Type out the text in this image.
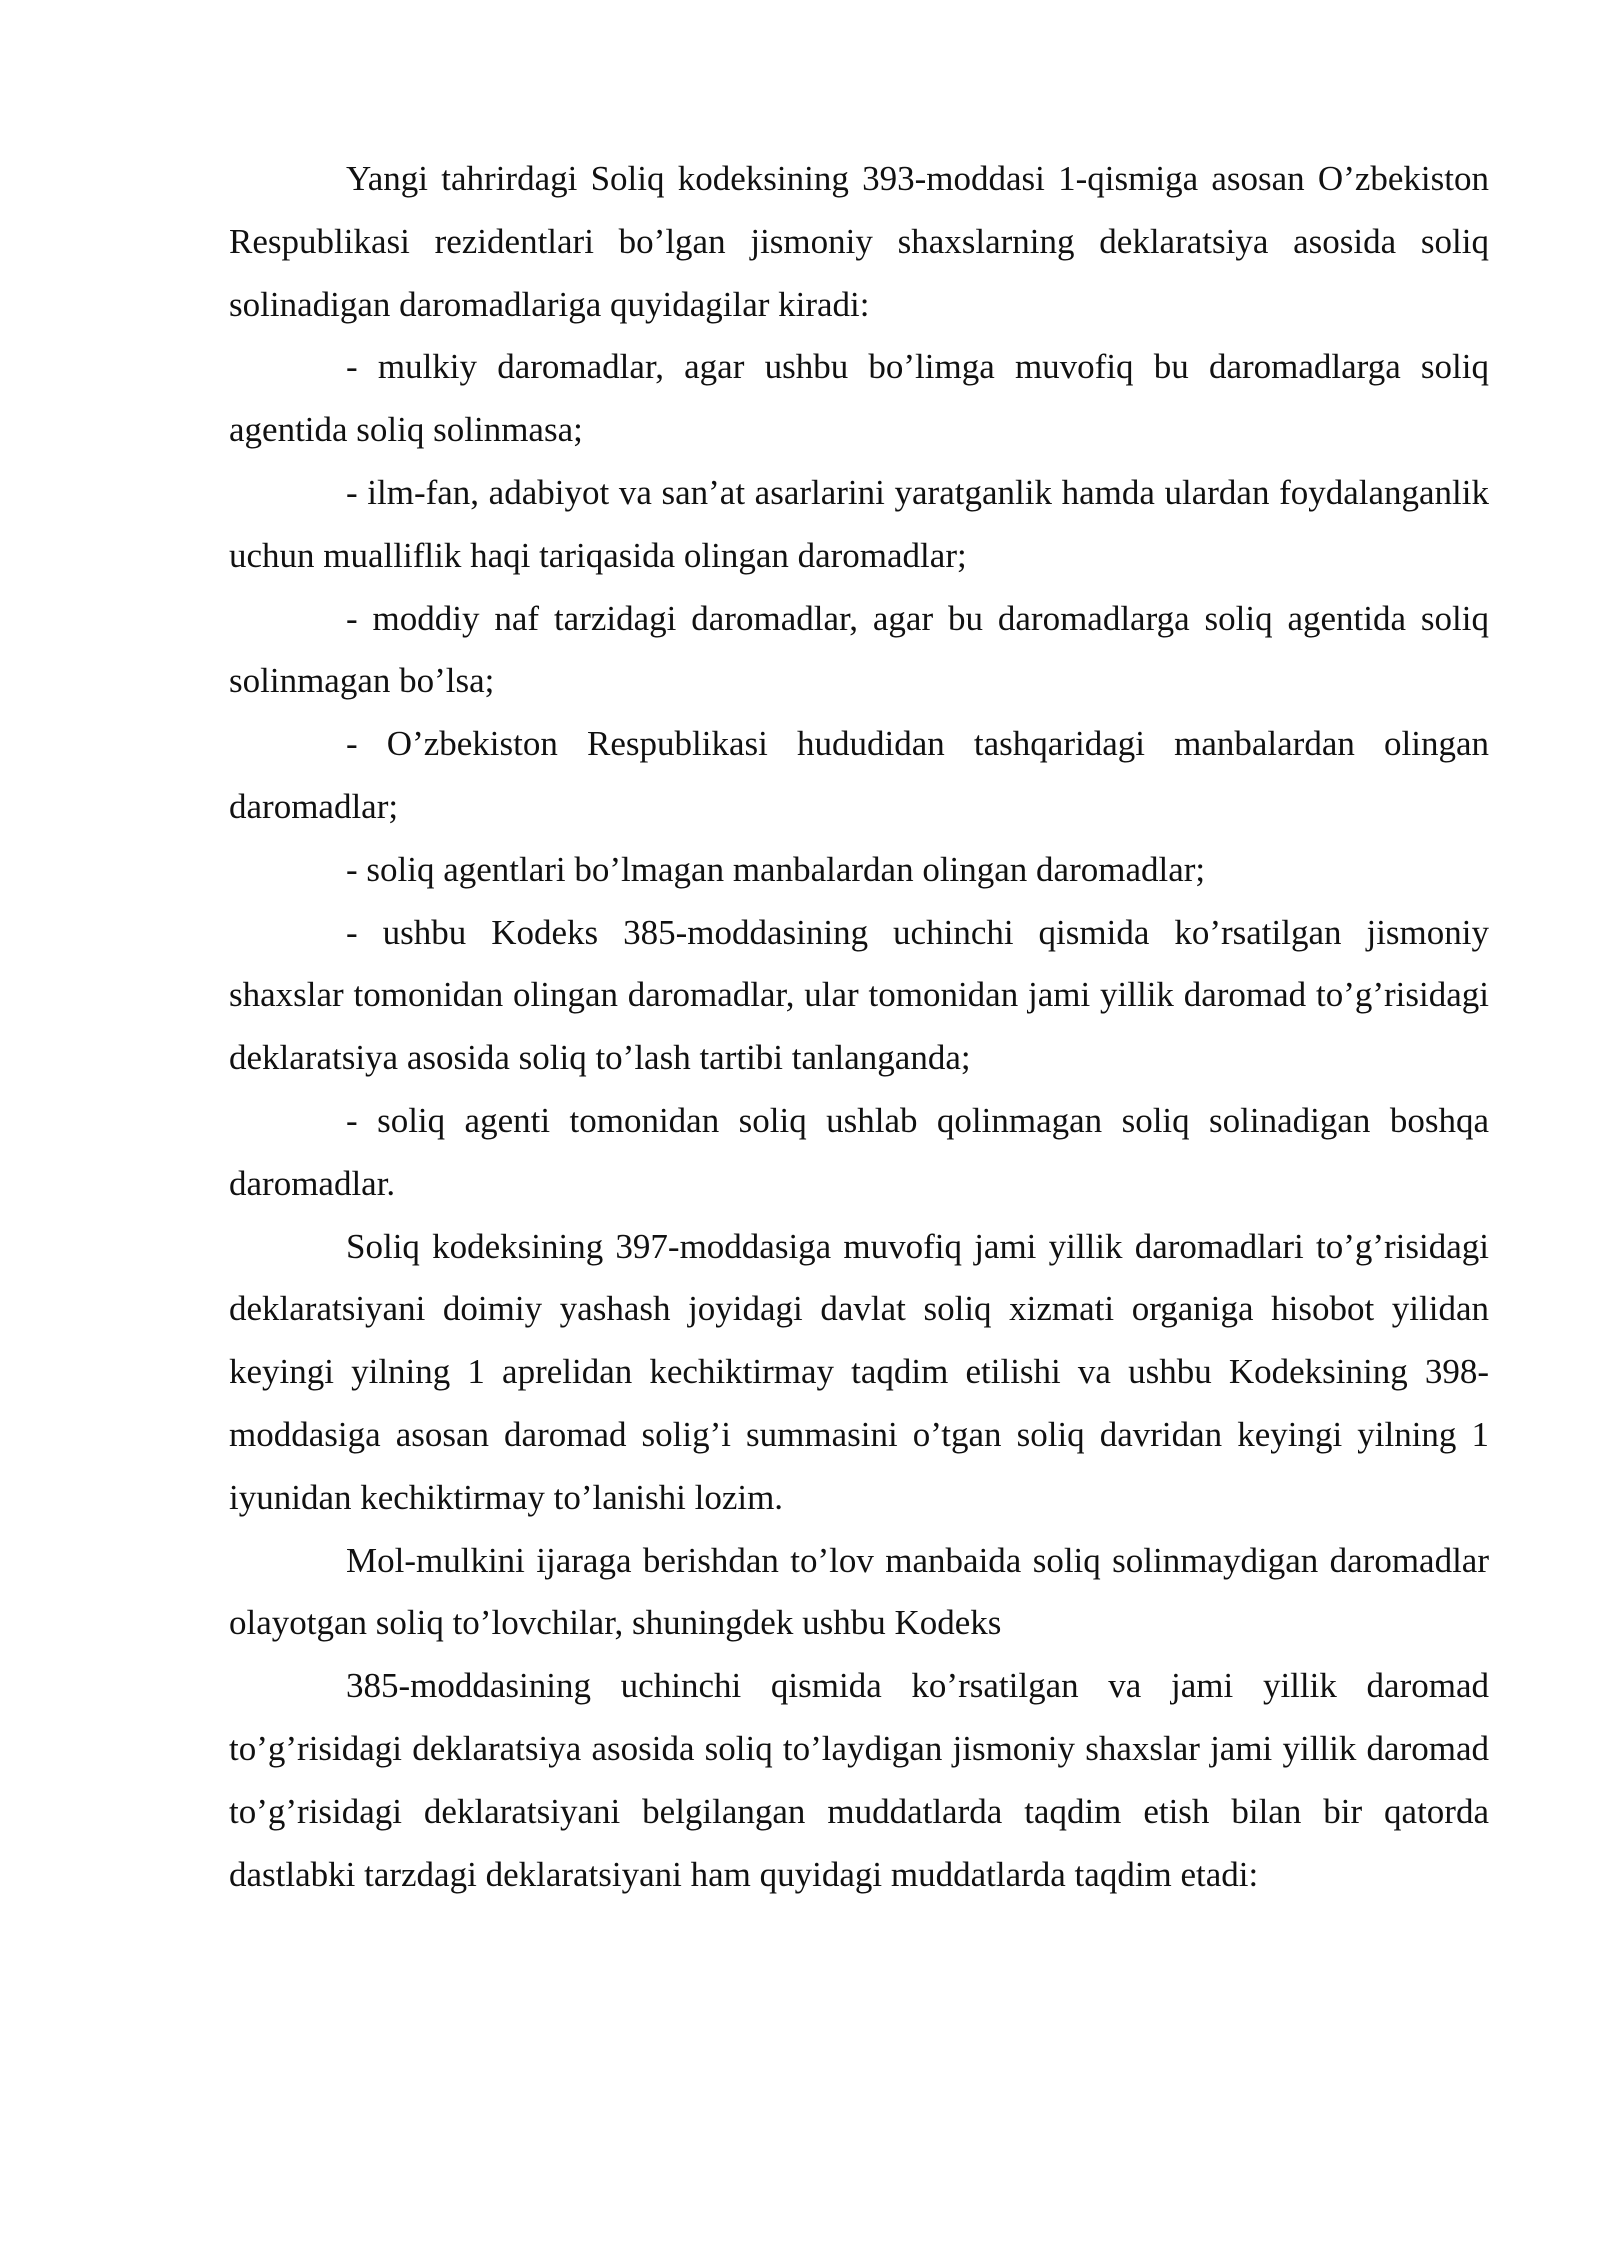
Yangi tahrirdagi Soliq kodeksining 393-moddasi 1-qismiga asosan O’zbekiston Respublikasi rezidentlari bo’lgan jismoniy shaxslarning deklaratsiya asosida soliq solinadigan daromadlariga quyidagilar kiradi:

- mulkiy daromadlar, agar ushbu bo’limga muvofiq bu daromadlarga soliq agentida soliq solinmasa;

- ilm-fan, adabiyot va san’at asarlarini yaratganlik hamda ulardan foydalanganlik uchun mualliflik haqi tariqasida olingan daromadlar;

- moddiy naf tarzidagi daromadlar, agar bu daromadlarga soliq agentida soliq solinmagan bo’lsa;

- O’zbekiston Respublikasi hududidan tashqaridagi manbalardan olingan daromadlar;

- soliq agentlari bo’lmagan manbalardan olingan daromadlar;

- ushbu Kodeks 385-moddasining uchinchi qismida ko’rsatilgan jismoniy shaxslar tomonidan olingan daromadlar, ular tomonidan jami yillik daromad to’g’risidagi deklaratsiya asosida soliq to’lash tartibi tanlanganda;

- soliq agenti tomonidan soliq ushlab qolinmagan soliq solinadigan boshqa daromadlar.

Soliq kodeksining 397-moddasiga muvofiq jami yillik daromadlari to’g’risidagi deklaratsiyani doimiy yashash joyidagi davlat soliq xizmati organiga hisobot yilidan keyingi yilning 1 aprelidan kechiktirmay taqdim etilishi va ushbu Kodeksining 398-moddasiga asosan daromad solig’i summasini o’tgan soliq davridan keyingi yilning 1 iyunidan kechiktirmay to’lanishi lozim.

Mol-mulkini ijaraga berishdan to’lov manbaida soliq solinmaydigan daromadlar olayotgan soliq to’lovchilar, shuningdek ushbu Kodeks

385-moddasining uchinchi qismida ko’rsatilgan va jami yillik daromad to’g’risidagi deklaratsiya asosida soliq to’laydigan jismoniy shaxslar jami yillik daromad to’g’risidagi deklaratsiyani belgilangan muddatlarda taqdim etish bilan bir qatorda dastlabki tarzdagi deklaratsiyani ham quyidagi muddatlarda taqdim etadi:
